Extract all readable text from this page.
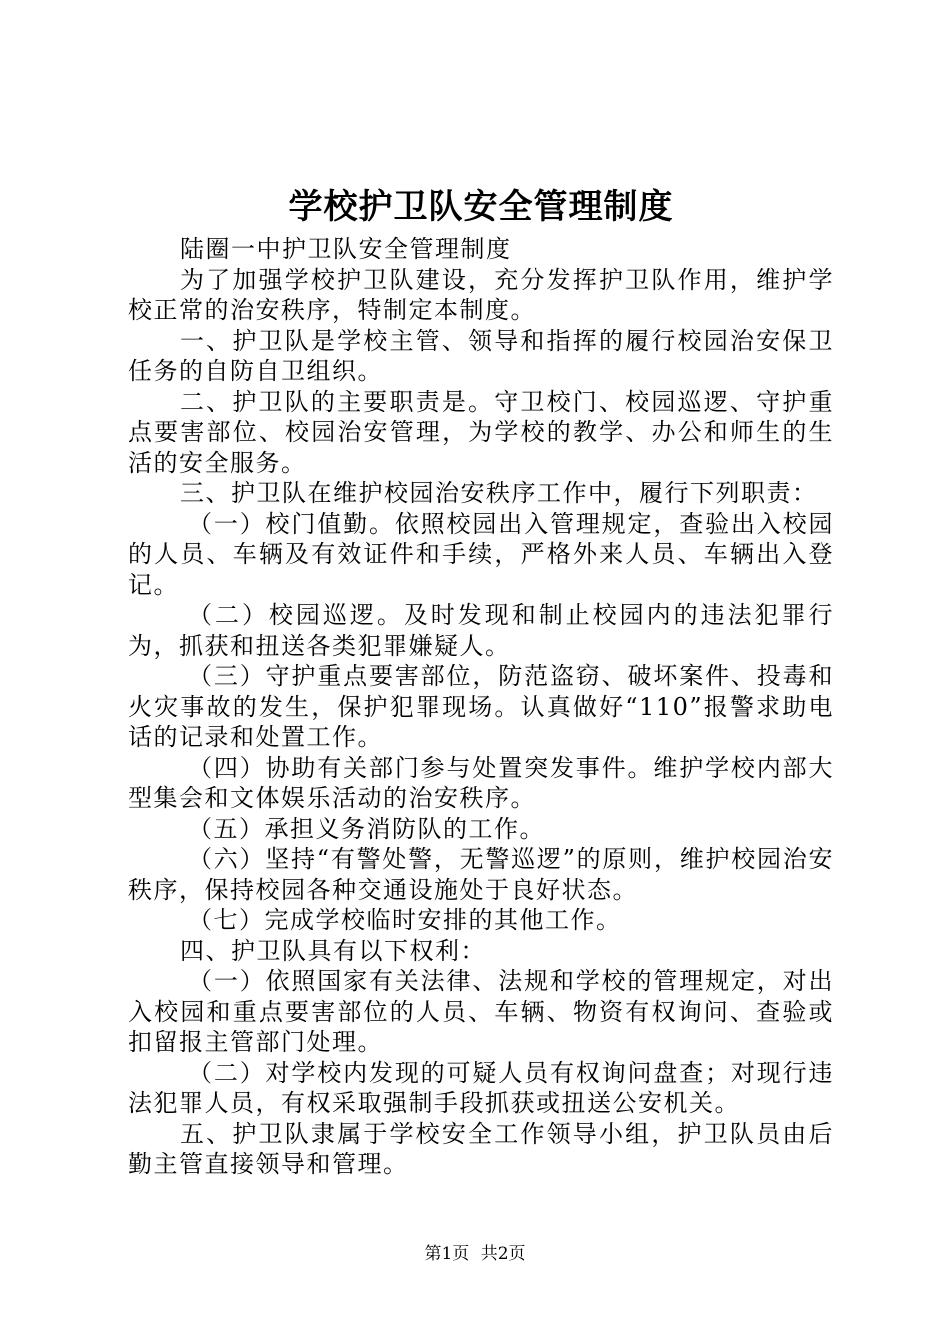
学校护卫队安全管理制度

陆圈一中护卫队安全管理制度

为了加强学校护卫队建设，充分发挥护卫队作用，维护学校正常的治安秩序，特制定本制度。

一、护卫队是学校主管、领导和指挥的履行校园治安保卫任务的自防自卫组织。

二、护卫队的主要职责是。守卫校门、校园巡逻、守护重点要害部位、校园治安管理，为学校的教学、办公和师生的生活的安全服务。

三、护卫队在维护校园治安秩序工作中，履行下列职责：

（一）校门值勤。依照校园出入管理规定，查验出入校园的人员、车辆及有效证件和手续，严格外来人员、车辆出入登记。

（二）校园巡逻。及时发现和制止校园内的违法犯罪行为，抓获和扭送各类犯罪嫌疑人。

（三）守护重点要害部位，防范盗窃、破坏案件、投毒和火灾事故的发生，保护犯罪现场。认真做好“110”报警求助电话的记录和处置工作。

（四）协助有关部门参与处置突发事件。维护学校内部大型集会和文体娱乐活动的治安秩序。

（五）承担义务消防队的工作。

（六）坚持“有警处警，无警巡逻”的原则，维护校园治安秩序，保持校园各种交通设施处于良好状态。

（七）完成学校临时安排的其他工作。

四、护卫队具有以下权利：

（一）依照国家有关法律、法规和学校的管理规定，对出入校园和重点要害部位的人员、车辆、物资有权询问、查验或扣留报主管部门处理。

（二）对学校内发现的可疑人员有权询问盘查；对现行违法犯罪人员，有权采取强制手段抓获或扭送公安机关。

五、护卫队隶属于学校安全工作领导小组，护卫队员由后勤主管直接领导和管理。

第1页 共2页
